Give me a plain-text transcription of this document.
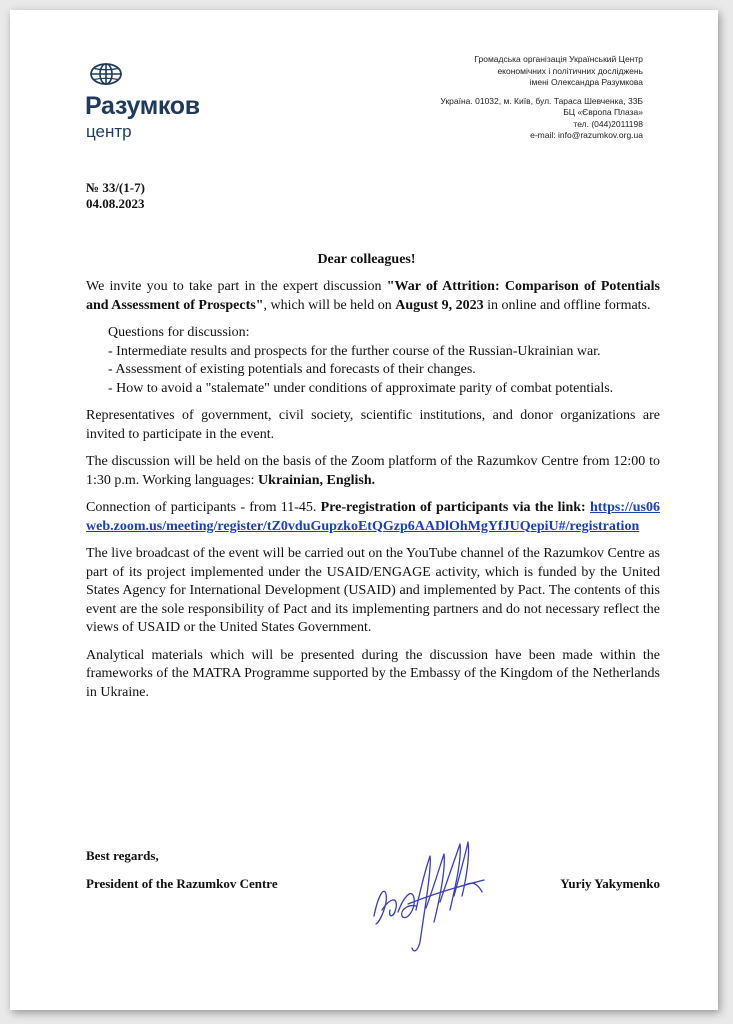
Разумков
центр
Громадська організація Український Центр
економічних і політичних досліджень
імені Олександра Разумкова
Україна. 01032, м. Київ, бул. Тараса Шевченка, 33Б
БЦ «Європа Плаза»
тел. (044)2011198
e-mail: info@razumkov.org.ua
№ 33/(1-7)
04.08.2023
Dear colleagues!

We invite you to take part in the expert discussion "War of Attrition: Comparison of Potentials and Assessment of Prospects", which will be held on August 9, 2023 in online and offline formats.

Questions for discussion:
- Intermediate results and prospects for the further course of the Russian-Ukrainian war.
- Assessment of existing potentials and forecasts of their changes.
- How to avoid a "stalemate" under conditions of approximate parity of combat potentials.

Representatives of government, civil society, scientific institutions, and donor organizations are invited to participate in the event.

The discussion will be held on the basis of the Zoom platform of the Razumkov Centre from 12:00 to 1:30 p.m. Working languages: Ukrainian, English.

Connection of participants - from 11-45. Pre-registration of participants via the link: https://us06web.zoom.us/meeting/register/tZ0vduGupzkoEtQGzp6AADlOhMgYfJUQepiU#/registration

The live broadcast of the event will be carried out on the YouTube channel of the Razumkov Centre as part of its project implemented under the USAID/ENGAGE activity, which is funded by the United States Agency for International Development (USAID) and implemented by Pact. The contents of this event are the sole responsibility of Pact and its implementing partners and do not necessary reflect the views of USAID or the United States Government.

Analytical materials which will be presented during the discussion have been made within the frameworks of the MATRA Programme supported by the Embassy of the Kingdom of the Netherlands in Ukraine.

Best regards,
President of the Razumkov Centre	Yuriy Yakymenko
